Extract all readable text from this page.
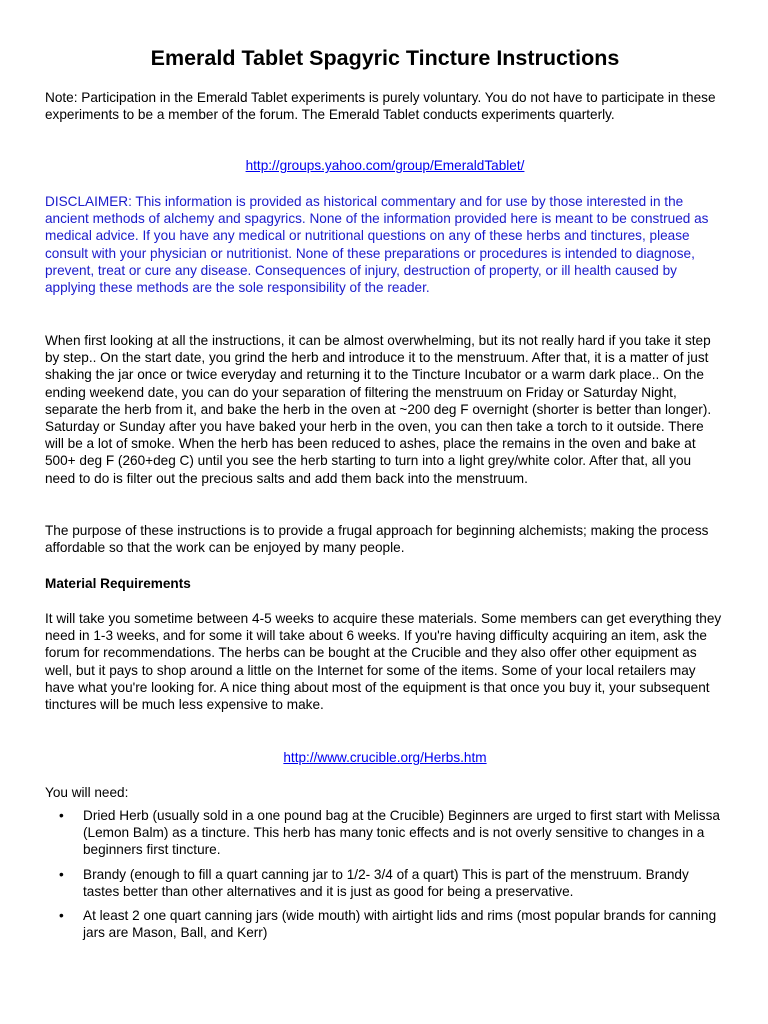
Emerald Tablet Spagyric Tincture Instructions

Note: Participation in the Emerald Tablet experiments is purely voluntary. You do not have to participate in these experiments to be a member of the forum. The Emerald Tablet conducts experiments quarterly.

http://groups.yahoo.com/group/EmeraldTablet/

DISCLAIMER: This information is provided as historical commentary and for use by those interested in the ancient methods of alchemy and spagyrics. None of the information provided here is meant to be construed as medical advice. If you have any medical or nutritional questions on any of these herbs and tinctures, please consult with your physician or nutritionist. None of these preparations or procedures is intended to diagnose, prevent, treat or cure any disease. Consequences of injury, destruction of property, or ill health caused by applying these methods are the sole responsibility of the reader.

When first looking at all the instructions, it can be almost overwhelming, but its not really hard if you take it step by step.. On the start date, you grind the herb and introduce it to the menstruum. After that, it is a matter of just shaking the jar once or twice everyday and returning it to the Tincture Incubator or a warm dark place.. On the ending weekend date, you can do your separation of filtering the menstruum on Friday or Saturday Night, separate the herb from it, and bake the herb in the oven at ~200 deg F overnight (shorter is better than longer). Saturday or Sunday after you have baked your herb in the oven, you can then take a torch to it outside. There will be a lot of smoke. When the herb has been reduced to ashes, place the remains in the oven and bake at 500+ deg F (260+deg C) until you see the herb starting to turn into a light grey/white color. After that, all you need to do is filter out the precious salts and add them back into the menstruum.

The purpose of these instructions is to provide a frugal approach for beginning alchemists; making the process affordable so that the work can be enjoyed by many people.

Material Requirements

It will take you sometime between 4-5 weeks to acquire these materials. Some members can get everything they need in 1-3 weeks, and for some it will take about 6 weeks. If you're having difficulty acquiring an item, ask the forum for recommendations. The herbs can be bought at the Crucible and they also offer other equipment as well, but it pays to shop around a little on the Internet for some of the items. Some of your local retailers may have what you're looking for. A nice thing about most of the equipment is that once you buy it, your subsequent tinctures will be much less expensive to make.

http://www.crucible.org/Herbs.htm

You will need:

• Dried Herb (usually sold in a one pound bag at the Crucible) Beginners are urged to first start with Melissa (Lemon Balm) as a tincture. This herb has many tonic effects and is not overly sensitive to changes in a beginners first tincture.
• Brandy (enough to fill a quart canning jar to 1/2- 3/4 of a quart) This is part of the menstruum. Brandy tastes better than other alternatives and it is just as good for being a preservative.
• At least 2 one quart canning jars (wide mouth) with airtight lids and rims (most popular brands for canning jars are Mason, Ball, and Kerr)
